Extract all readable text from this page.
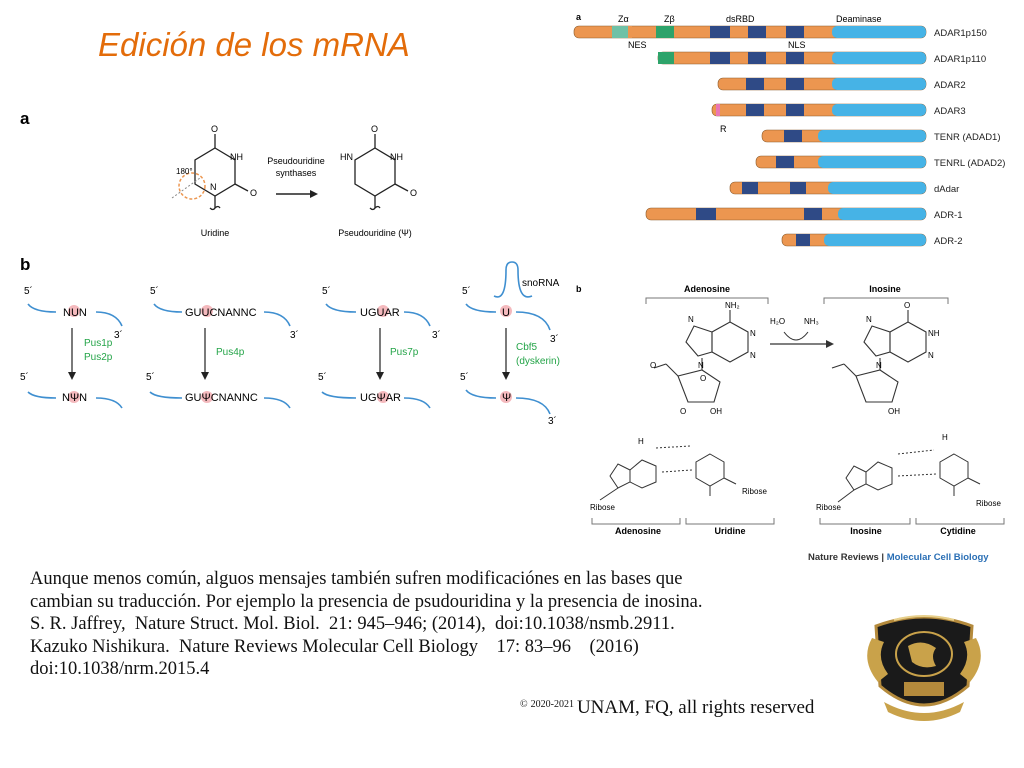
Edición de los mRNA
a
O
NH
O
N
180°
Uridine
Pseudouridine
synthases
O
NH
HN
O
Pseudouridine (Ψ)
b
5´
3´
NUN
Pus1p
Pus2p
5´
NΨN
5´
3´
GUUCNANNC
Pus4p
5´
GUΨCNANNC
5´
3´
UGUAR
Pus7p
5´
UGΨAR
snoRNA
5´
3´
U
Cbf5
(dyskerin)
5´
3´
Ψ
a	Zα	Zβ	dsRBD	Deaminase
NES	NLS
R
ADAR1p150
ADAR1p110
ADAR2
ADAR3
TENR (ADAD1)
TENRL (ADAD2)
dAdar
ADR-1
ADR-2
b	Adenosine	Inosine
NH₂
N
N
N
N
O
O
O	OH
H₂O NH₃
O
NH
N
N
N
OH
H
Ribose
Ribose
Adenosine	Uridine
H
Ribose	Ribose
Inosine	Cytidine
Nature Reviews | Molecular Cell Biology
Aunque menos común, alguos mensajes también sufren modificaciónes en las bases que
cambian su traducción. Por ejemplo la presencia de psudouridina y la presencia de inosina.
S. R. Jaffrey,  Nature Struct. Mol. Biol.  21: 945–946; (2014),  doi:10.1038/nsmb.2911.
Kazuko Nishikura.  Nature Reviews Molecular Cell Biology    17: 83–96    (2016)
doi:10.1038/nrm.2015.4
© $^{2020-2021}$ UNAM, FQ, all rights reserved
